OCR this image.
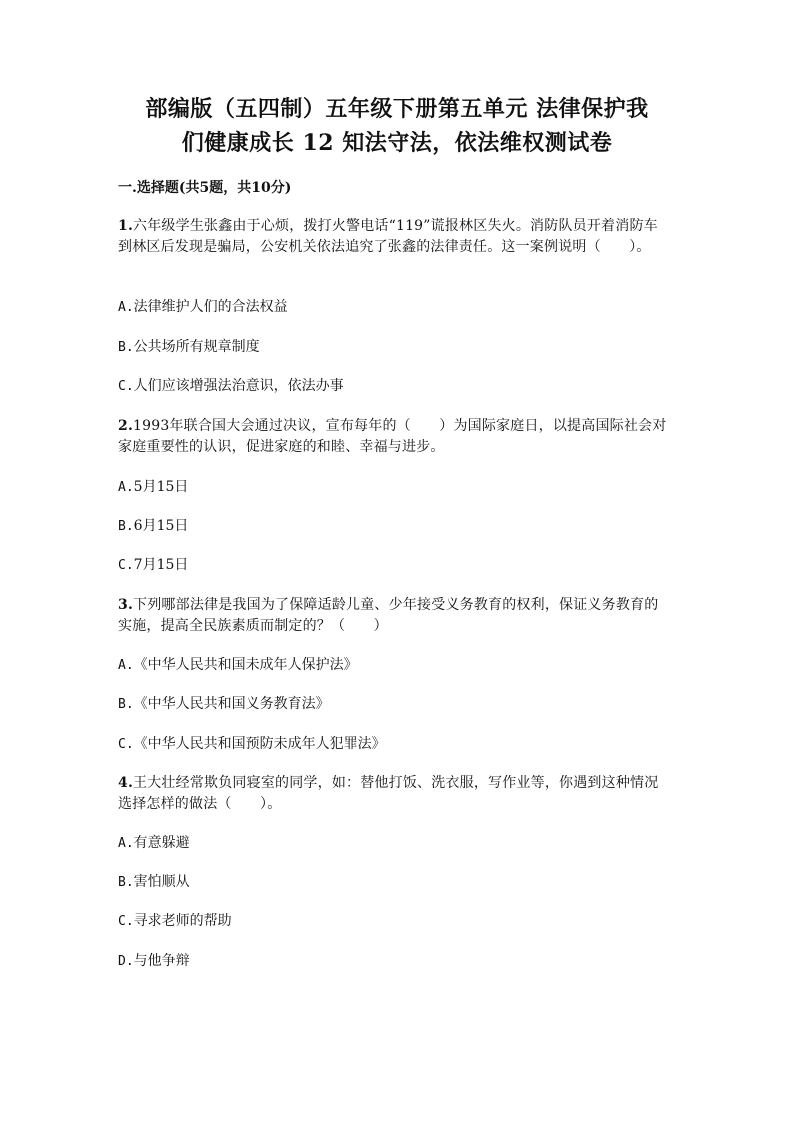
部编版（五四制）五年级下册第五单元 法律保护我
们健康成长 12 知法守法，依法维权测试卷
一.选择题(共5题，共10分)
1.六年级学生张鑫由于心烦，拨打火警电话“119”谎报林区失火。消防队员开着消防车到林区后发现是骗局，公安机关依法追究了张鑫的法律责任。这一案例说明（　　）。
A.法律维护人们的合法权益
B.公共场所有规章制度
C.人们应该增强法治意识，依法办事
2.1993年联合国大会通过决议，宣布每年的（　　）为国际家庭日，以提高国际社会对家庭重要性的认识，促进家庭的和睦、幸福与进步。
A.5月15日
B.6月15日
C.7月15日
3.下列哪部法律是我国为了保障适龄儿童、少年接受义务教育的权利，保证义务教育的实施，提高全民族素质而制定的？（　　）
A.《中华人民共和国未成年人保护法》
B.《中华人民共和国义务教育法》
C.《中华人民共和国预防未成年人犯罪法》
4.王大壮经常欺负同寝室的同学，如：替他打饭、洗衣服，写作业等，你遇到这种情况选择怎样的做法（　　）。
A.有意躲避
B.害怕顺从
C.寻求老师的帮助
D.与他争辩
